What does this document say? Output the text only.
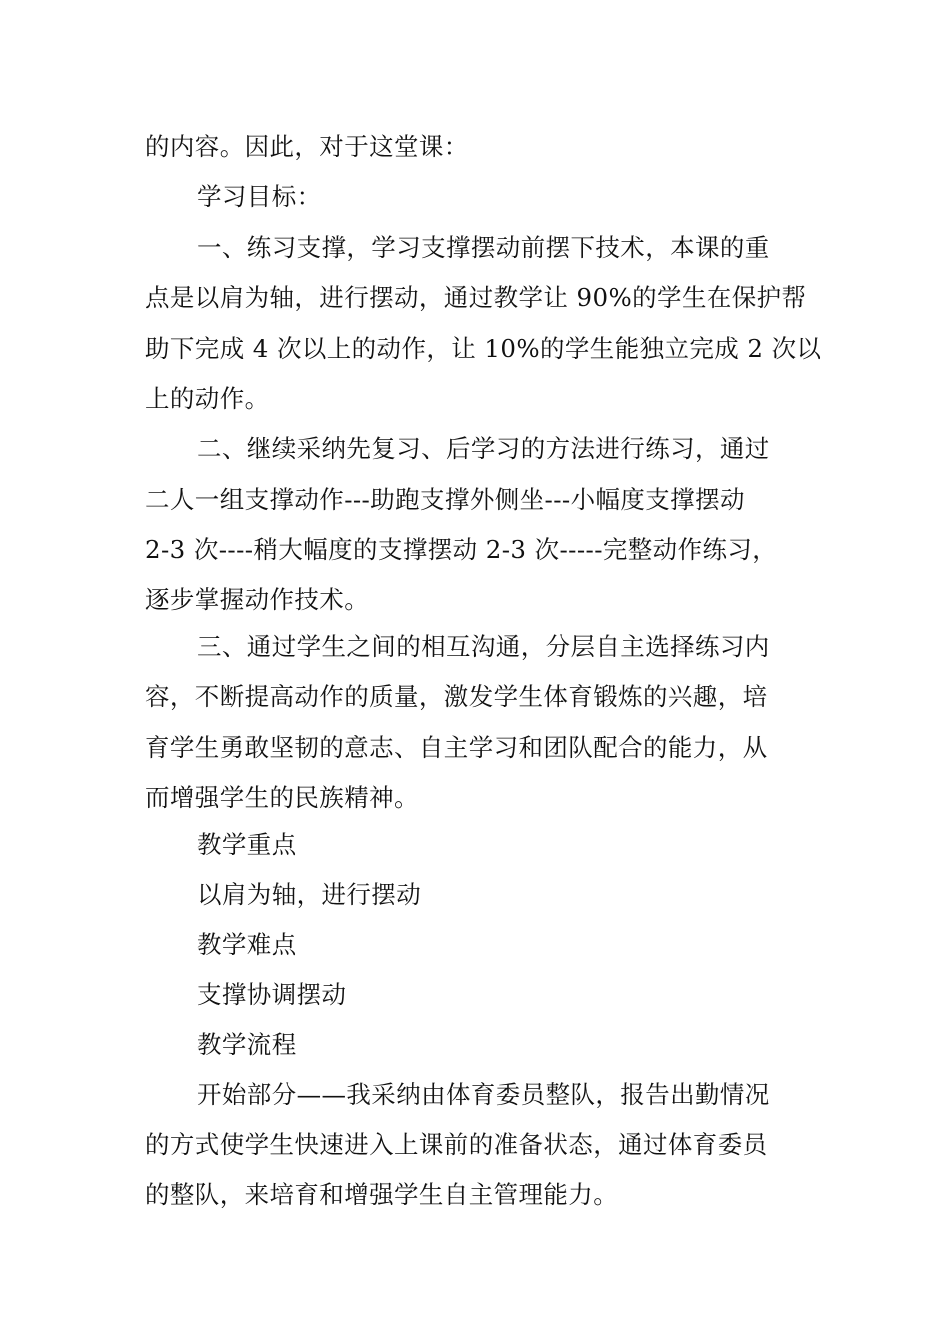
的内容。因此，对于这堂课：
学习目标：
一、练习支撑，学习支撑摆动前摆下技术，本课的重
点是以肩为轴，进行摆动，通过教学让 90%的学生在保护帮
助下完成 4 次以上的动作，让 10%的学生能独立完成 2 次以
上的动作。
二、继续采纳先复习、后学习的方法进行练习，通过
二人一组支撑动作---助跑支撑外侧坐---小幅度支撑摆动
2-3 次----稍大幅度的支撑摆动 2-3 次-----完整动作练习，
逐步掌握动作技术。
三、通过学生之间的相互沟通，分层自主选择练习内
容，不断提高动作的质量，激发学生体育锻炼的兴趣，培
育学生勇敢坚韧的意志、自主学习和团队配合的能力，从
而增强学生的民族精神。
教学重点
以肩为轴，进行摆动
教学难点
支撑协调摆动
教学流程
开始部分——我采纳由体育委员整队，报告出勤情况
的方式使学生快速进入上课前的准备状态，通过体育委员
的整队，来培育和增强学生自主管理能力。
